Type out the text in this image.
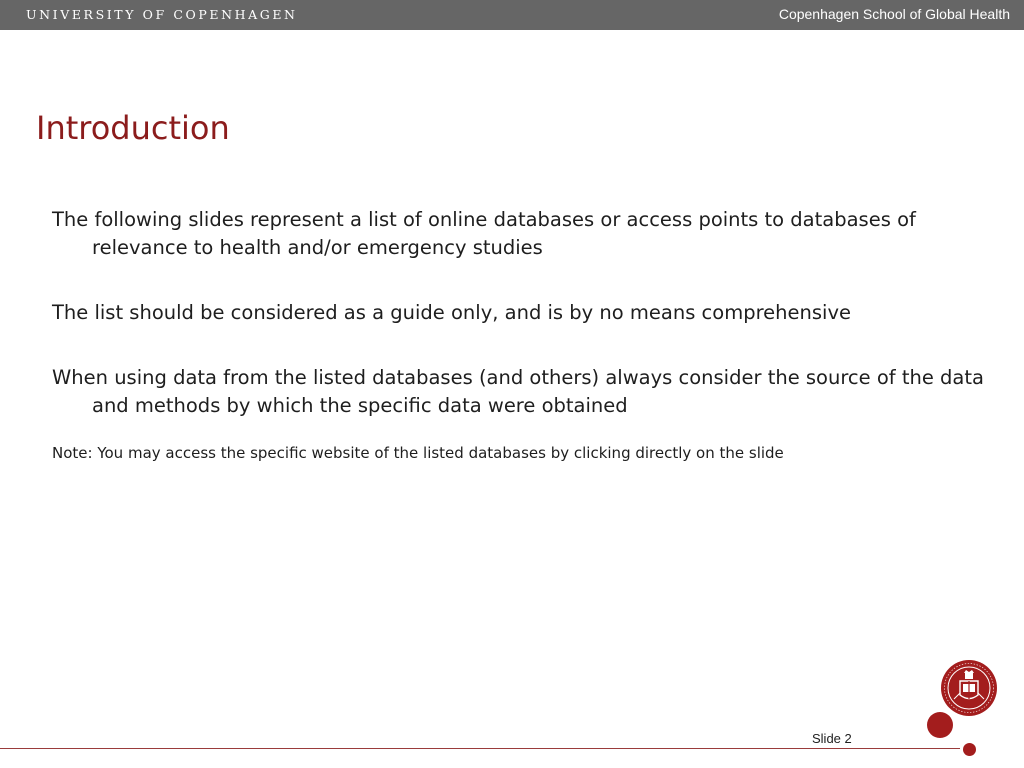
UNIVERSITY OF COPENHAGEN	Copenhagen School of Global Health
Introduction
The following slides represent a list of online databases or access points to databases of relevance to health and/or emergency studies
The list should be considered as a guide only, and is by no means comprehensive
When using data from the listed databases (and others) always consider the source of the data and methods by which the specific data were obtained
Note: You may access the specific website of the listed databases by clicking directly on the slide
Slide 2
